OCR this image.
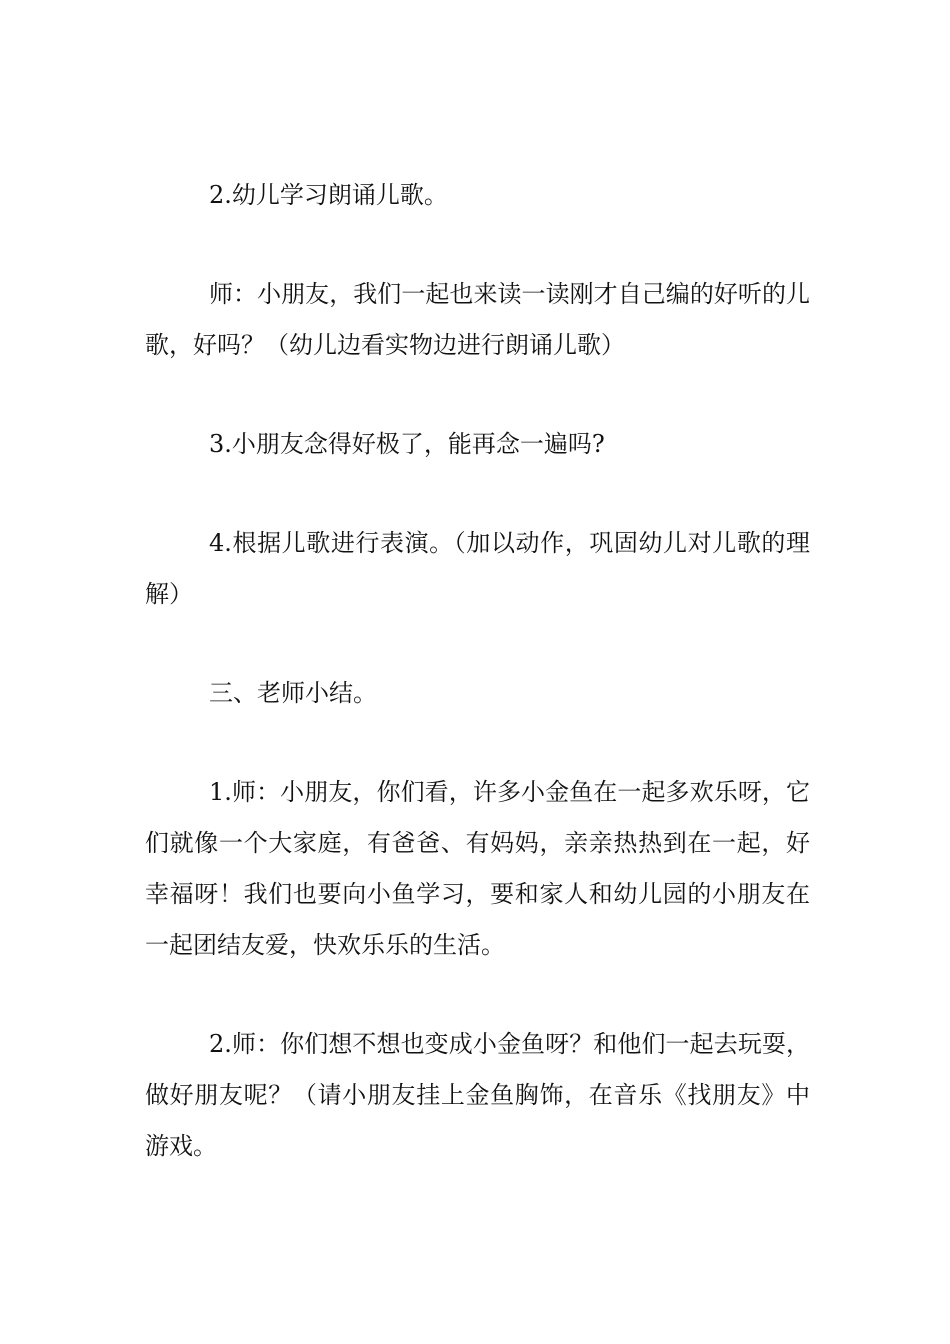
2.幼儿学习朗诵儿歌。

师：小朋友，我们一起也来读一读刚才自己编的好听的儿歌，好吗？（幼儿边看实物边进行朗诵儿歌）

3.小朋友念得好极了，能再念一遍吗?

4.根据儿歌进行表演。（加以动作，巩固幼儿对儿歌的理解）

三、老师小结。

1.师：小朋友，你们看，许多小金鱼在一起多欢乐呀，它们就像一个大家庭，有爸爸、有妈妈，亲亲热热到在一起，好幸福呀！我们也要向小鱼学习，要和家人和幼儿园的小朋友在一起团结友爱，快欢乐乐的生活。

2.师：你们想不想也变成小金鱼呀？和他们一起去玩耍，做好朋友呢？（请小朋友挂上金鱼胸饰，在音乐《找朋友》中游戏。
